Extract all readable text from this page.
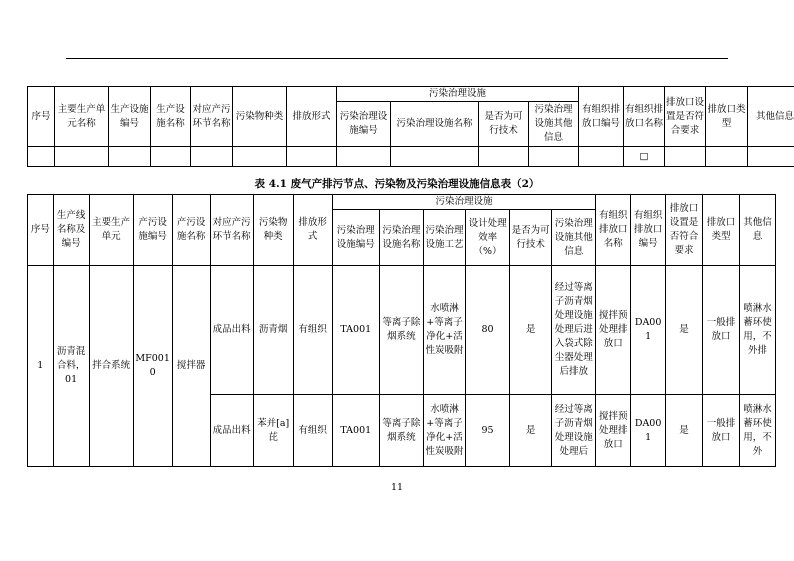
序号	主要生产单元名称	生产设施编号	生产设施名称	对应产污环节名称	污染物种类	排放形式	污染治理设施				有组织排放口编号	有组织排放口名称	排放口设置是否符合要求	排放口类型	其他信息
							污染治理设施编号	污染治理设施名称	是否为可行技术	污染治理设施其他信息					
												□			
表 4.1 废气产排污节点、污染物及污染治理设施信息表（2）
序号	生产线名称及编号	主要生产单元	产污设施编号	产污设施名称	对应产污环节名称	污染物种类	排放形式	污染治理设施						有组织排放口名称	有组织排放口编号	排放口设置是否符合要求	排放口类型	其他信息
								污染治理设施编号	污染治理设施名称	污染治理设施工艺	设计处理效率（%）	是否为可行技术	污染治理设施其他信息					
1	沥青混合料，01	拌合系统	MF0010	搅拌器	成品出料	沥青烟	有组织	TA001	等离子除烟系统	水喷淋+等离子净化+活性炭吸附	80	是	经过等离子沥青烟处理设施处理后进入袋式除尘器处理后排放	搅拌预处理排放口	DA001	是	一般排放口	喷淋水蓄环使用，不外排
					成品出料	苯并[a]芘	有组织	TA001	等离子除烟系统	水喷淋+等离子净化+活性炭吸附	95	是	经过等离子沥青烟处理设施处理后	搅拌预处理排放口	DA001	是	一般排放口	喷淋水蓄环使用，不外
11
